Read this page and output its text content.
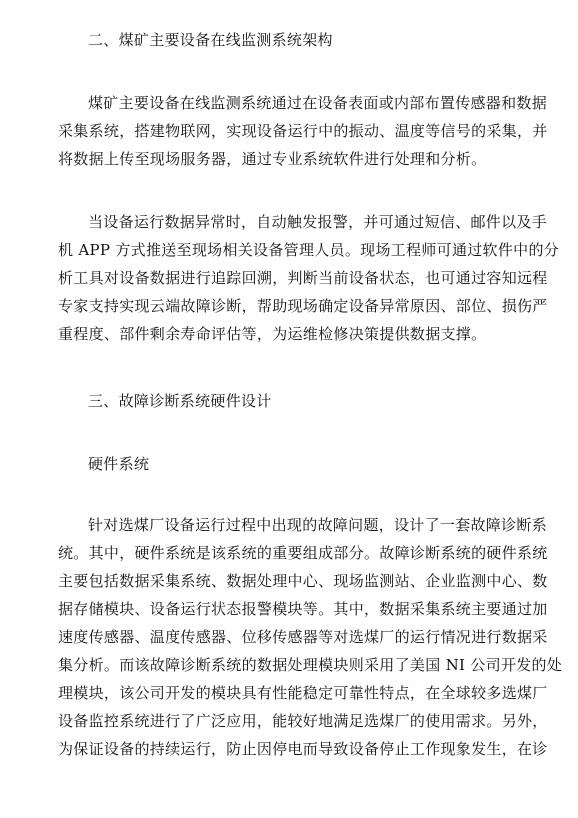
二、煤矿主要设备在线监测系统架构
煤矿主要设备在线监测系统通过在设备表面或内部布置传感器和数据
采集系统，搭建物联网，实现设备运行中的振动、温度等信号的采集，并
将数据上传至现场服务器，通过专业系统软件进行处理和分析。
当设备运行数据异常时，自动触发报警，并可通过短信、邮件以及手
机 APP 方式推送至现场相关设备管理人员。现场工程师可通过软件中的分
析工具对设备数据进行追踪回溯，判断当前设备状态，也可通过容知远程
专家支持实现云端故障诊断，帮助现场确定设备异常原因、部位、损伤严
重程度、部件剩余寿命评估等，为运维检修决策提供数据支撑。
三、故障诊断系统硬件设计
硬件系统
针对选煤厂设备运行过程中出现的故障问题，设计了一套故障诊断系
统。其中，硬件系统是该系统的重要组成部分。故障诊断系统的硬件系统
主要包括数据采集系统、数据处理中心、现场监测站、企业监测中心、数
据存储模块、设备运行状态报警模块等。其中，数据采集系统主要通过加
速度传感器、温度传感器、位移传感器等对选煤厂的运行情况进行数据采
集分析。而该故障诊断系统的数据处理模块则采用了美国 NI 公司开发的处
理模块，该公司开发的模块具有性能稳定可靠性特点，在全球较多选煤厂
设备监控系统进行了广泛应用，能较好地满足选煤厂的使用需求。另外，
为保证设备的持续运行，防止因停电而导致设备停止工作现象发生，在诊
